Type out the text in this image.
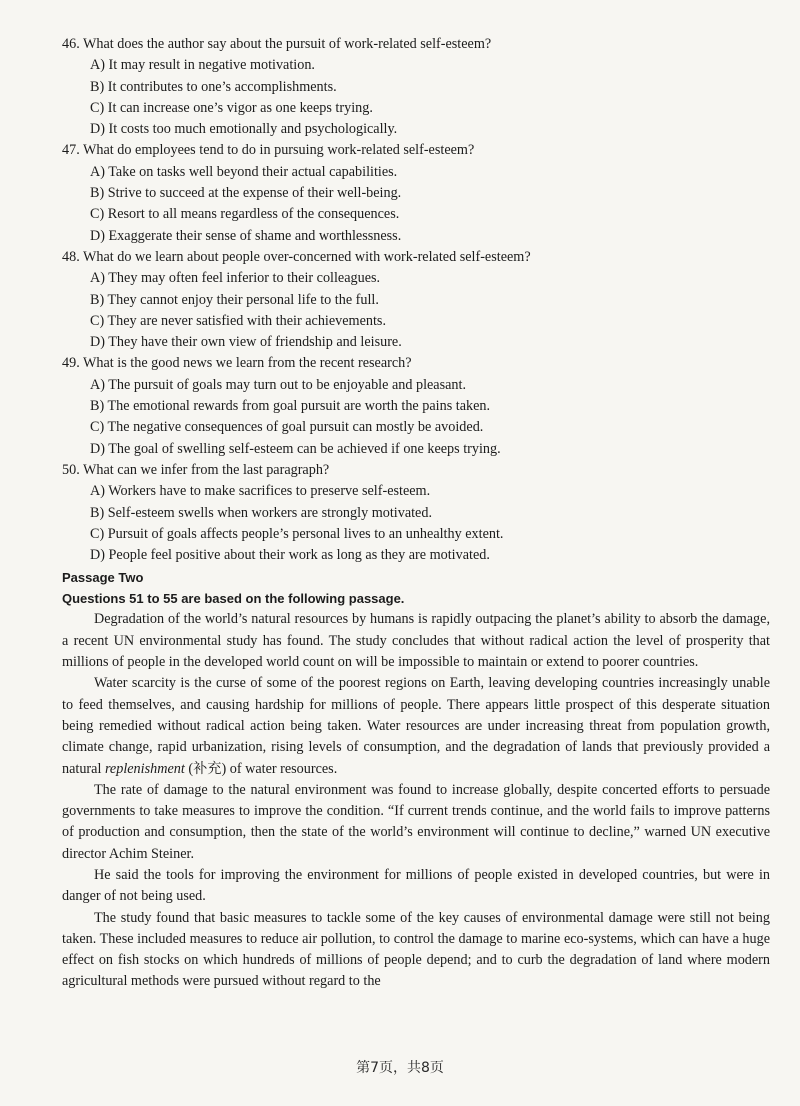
46. What does the author say about the pursuit of work-related self-esteem?
A) It may result in negative motivation.
B) It contributes to one’s accomplishments.
C) It can increase one’s vigor as one keeps trying.
D) It costs too much emotionally and psychologically.
47. What do employees tend to do in pursuing work-related self-esteem?
A) Take on tasks well beyond their actual capabilities.
B) Strive to succeed at the expense of their well-being.
C) Resort to all means regardless of the consequences.
D) Exaggerate their sense of shame and worthlessness.
48. What do we learn about people over-concerned with work-related self-esteem?
A) They may often feel inferior to their colleagues.
B) They cannot enjoy their personal life to the full.
C) They are never satisfied with their achievements.
D) They have their own view of friendship and leisure.
49. What is the good news we learn from the recent research?
A) The pursuit of goals may turn out to be enjoyable and pleasant.
B) The emotional rewards from goal pursuit are worth the pains taken.
C) The negative consequences of goal pursuit can mostly be avoided.
D) The goal of swelling self-esteem can be achieved if one keeps trying.
50. What can we infer from the last paragraph?
A) Workers have to make sacrifices to preserve self-esteem.
B) Self-esteem swells when workers are strongly motivated.
C) Pursuit of goals affects people’s personal lives to an unhealthy extent.
D) People feel positive about their work as long as they are motivated.
Passage Two
Questions 51 to 55 are based on the following passage.

Degradation of the world’s natural resources by humans is rapidly outpacing the planet’s ability to absorb the damage, a recent UN environmental study has found. The study concludes that without radical action the level of prosperity that millions of people in the developed world count on will be impossible to maintain or extend to poorer countries.

Water scarcity is the curse of some of the poorest regions on Earth, leaving developing countries increasingly unable to feed themselves, and causing hardship for millions of people. There appears little prospect of this desperate situation being remedied without radical action being taken. Water resources are under increasing threat from population growth, climate change, rapid urbanization, rising levels of consumption, and the degradation of lands that previously provided a natural replenishment (补充) of water resources.

The rate of damage to the natural environment was found to increase globally, despite concerted efforts to persuade governments to take measures to improve the condition. “If current trends continue, and the world fails to improve patterns of production and consumption, then the state of the world’s environment will continue to decline,” warned UN executive director Achim Steiner.

He said the tools for improving the environment for millions of people existed in developed countries, but were in danger of not being used.

The study found that basic measures to tackle some of the key causes of environmental damage were still not being taken. These included measures to reduce air pollution, to control the damage to marine eco-systems, which can have a huge effect on fish stocks on which hundreds of millions of people depend; and to curb the degradation of land where modern agricultural methods were pursued without regard to the

第7页，共8页
